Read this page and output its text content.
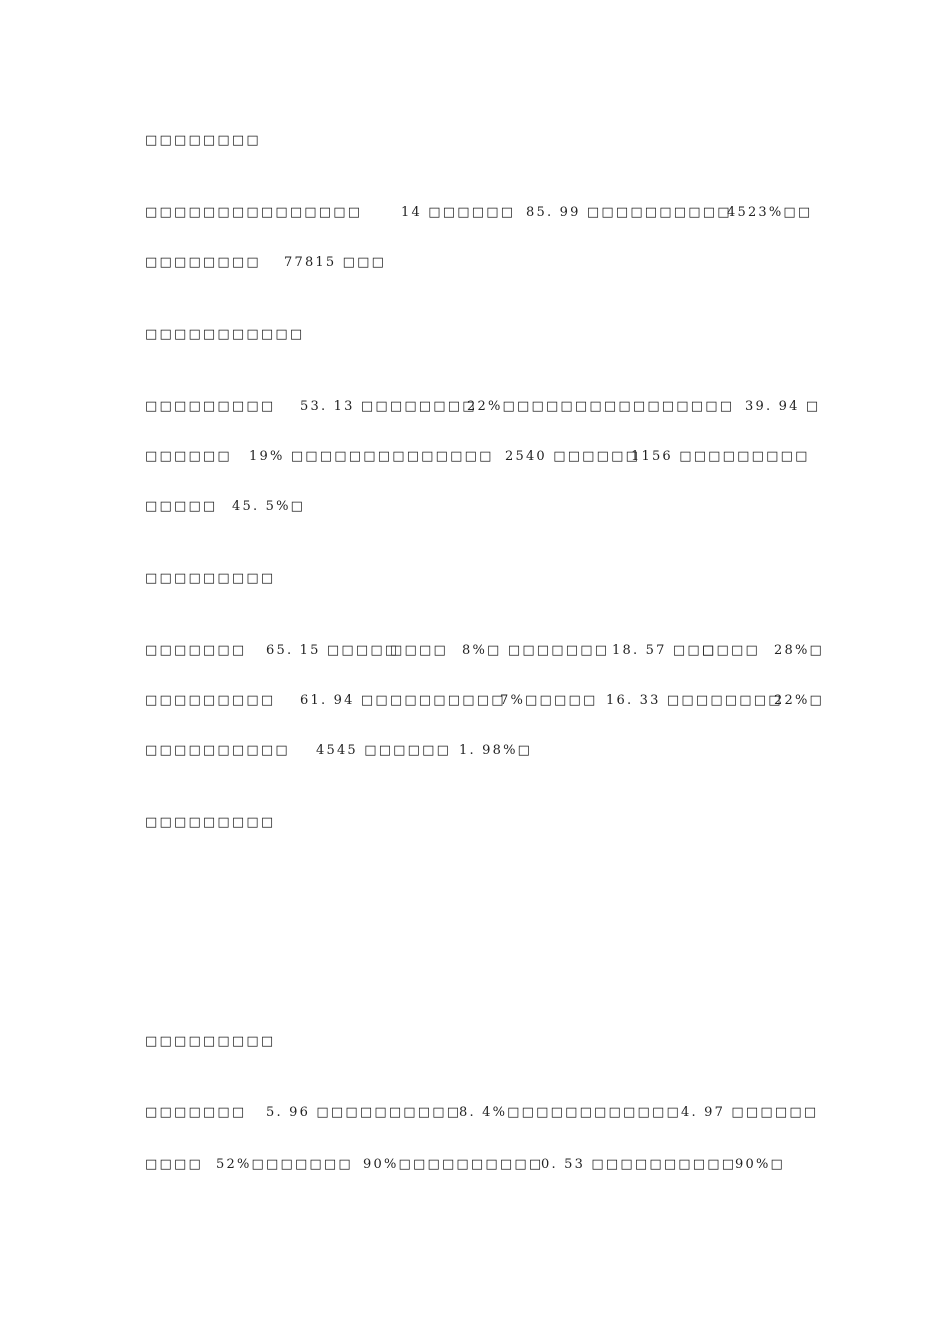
□□□□□□□□
□□□□□□□□□□□□□□□	14 □□□□□□ 85. 99 □□□□□□□□□□
4523%□□
□□□□□□□□ 77815 □□□
□□□□□□□□□□□
□□□□□□□□□ 53. 13 □□□□□□□□
22%□□□□□□□□□□□□□□□□ 39. 94 □
□□□□□□ 19% □□□□□□□□□□□□□□ 2540 □□□□□□
1156 □□□□□□□□□
□□□□□ 45. 5%□
□□□□□□□□□
□□□□□□□ 65. 15 □□□□□
□□□□ 8%□ □□□□□□□ 18. 57 □□□
□□□□ 28%□
□□□□□□□□□ 61. 94 □□□□□□□□□□
7%□□□□□ 16. 33 □□□□□□□□
22%□
□□□□□□□□□□ 4545 □□□□□□ 1. 98%□
□□□□□□□□□
□□□□□□□□□
□□□□□□□ 5. 96 □□□□□□□□□□
8. 4%□□□□□□□□□□□□ 4. 97 □□□□□□
□□□□ 52%□□□□□□□ 90%□□□□□□□□□□
0. 53 □□□□□□□□□□
90%□
